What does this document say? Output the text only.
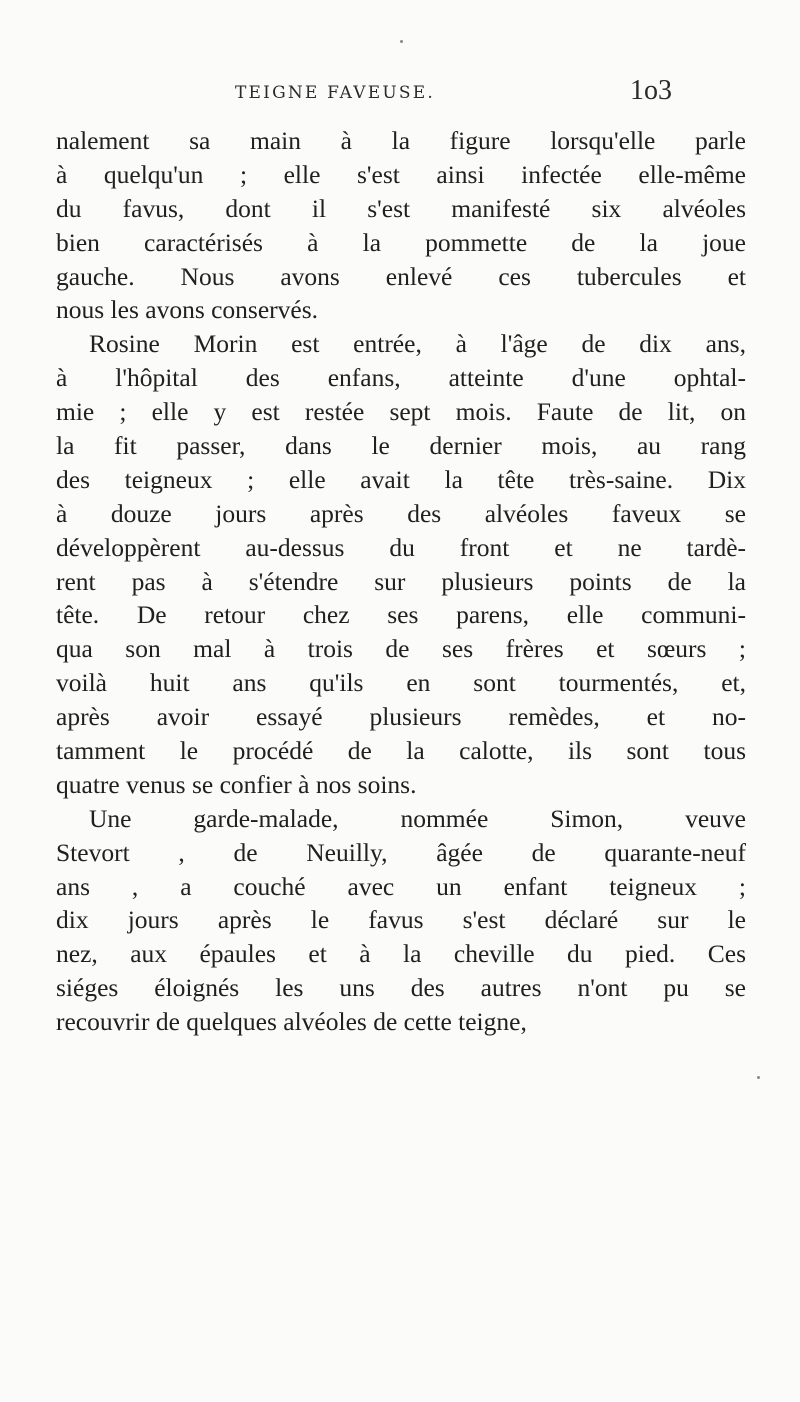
TEIGNE FAVEUSE.	1o3
nalement sa main à la figure lorsqu'elle parle
à quelqu'un ; elle s'est ainsi infectée elle-même
du favus, dont il s'est manifesté six alvéoles
bien caractérisés à la pommette de la joue
gauche. Nous avons enlevé ces tubercules et
nous les avons conservés.
Rosine Morin est entrée, à l'âge de dix ans,
à l'hôpital des enfans, atteinte d'une ophtal-
mie ; elle y est restée sept mois. Faute de lit, on
la fit passer, dans le dernier mois, au rang
des teigneux ; elle avait la tête très-saine. Dix
à douze jours après des alvéoles faveux se
développèrent au-dessus du front et ne tardè-
rent pas à s'étendre sur plusieurs points de la
tête. De retour chez ses parens, elle communi-
qua son mal à trois de ses frères et sœurs ;
voilà huit ans qu'ils en sont tourmentés, et,
après avoir essayé plusieurs remèdes, et no-
tamment le procédé de la calotte, ils sont tous
quatre venus se confier à nos soins.
Une garde-malade, nommée Simon, veuve
Stevort , de Neuilly, âgée de quarante-neuf
ans , a couché avec un enfant teigneux ;
dix jours après le favus s'est déclaré sur le
nez, aux épaules et à la cheville du pied. Ces
siéges éloignés les uns des autres n'ont pu se
recouvrir de quelques alvéoles de cette teigne,
